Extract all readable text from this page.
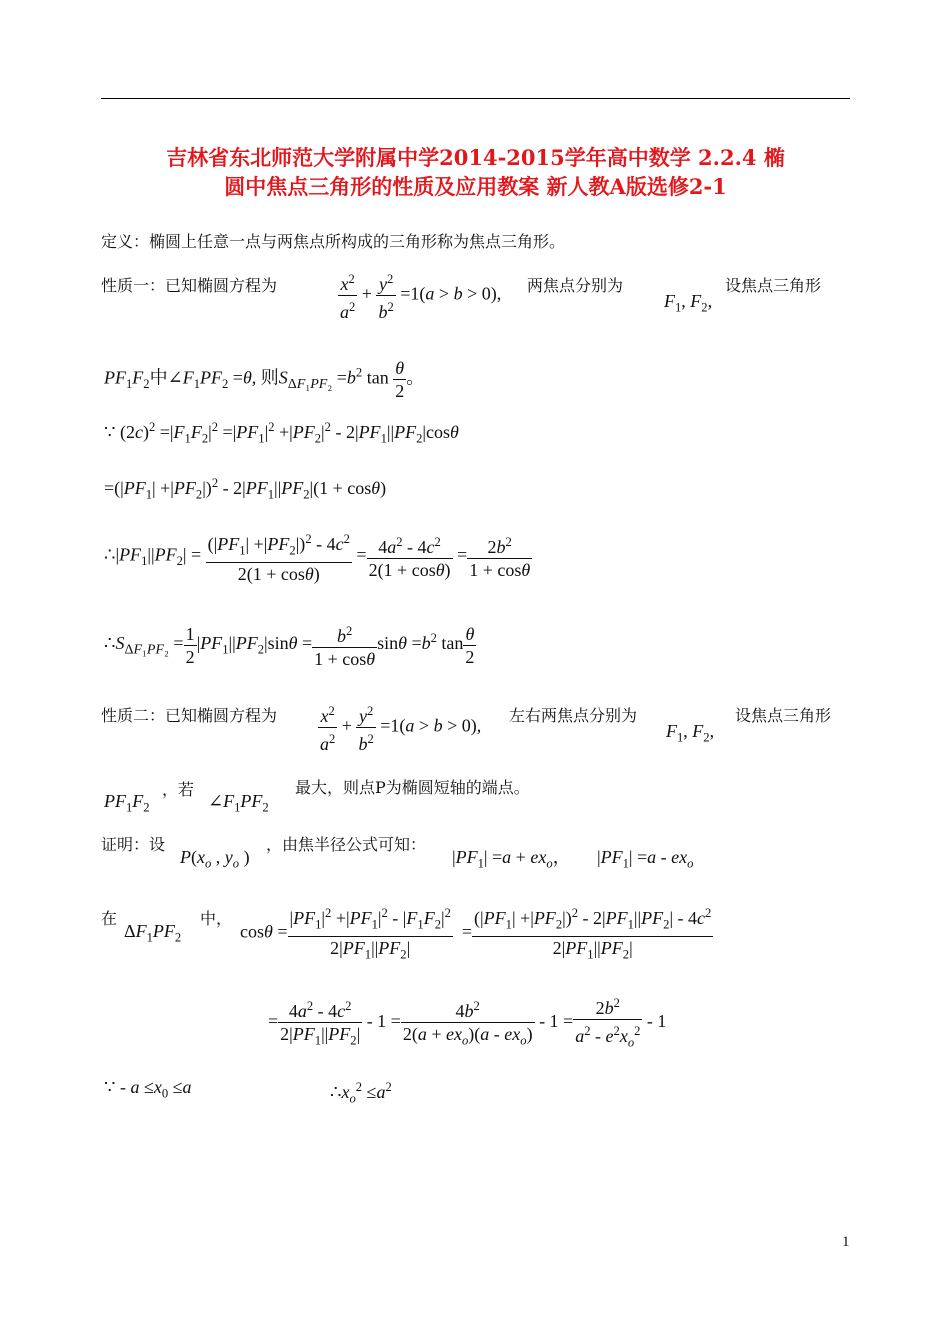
吉林省东北师范大学附属中学2014-2015学年高中数学 2.2.4 椭
圆中焦点三角形的性质及应用教案 新人教A版选修2-1
定义：椭圆上任意一点与两焦点所构成的三角形称为焦点三角形。
性质一：已知椭圆方程为	$\frac{x^2}{a^2} + \frac{y^2}{b^2} =1(a > b > 0)$, 两焦点分别为
$F_1$, $F_2$,
设焦点三角形
$PF_1F_2$中$\angle F_1PF_2 =\theta$, 则$S_{\Delta F_1PF_2} =b^2$ $\tan \frac{\theta}{2}$ 。
∵ $(2c)^2 =|F_1F_2|^2 =|PF_1|^2 +|PF_2|^2 - 2|PF_1||PF_2|\cos\theta$
$=(|PF_1| +|PF_2|)^2 - 2|PF_1||PF_2|(1 + \cos\theta)$
$\therefore|PF_1||PF_2| = \frac{(|PF_1| +|PF_2|)^2 - 4c^2}{2(1 + \cos\theta)} = \frac{4a^2 - 4c^2}{2(1 + \cos\theta)} = \frac{2b^2}{1 + \cos\theta}$
$\therefore S_{\Delta F_1PF_2} = \frac{1}{2} |PF_1||PF_2|\sin\theta = \frac{b^2}{1 + \cos\theta}$ $\sin\theta =b^2$ $\tan \frac{\theta}{2}$
性质二：已知椭圆方程为 $\frac{x^2}{a^2} + \frac{y^2}{b^2} =1(a > b > 0)$,
左右两焦点分别为
$F_1$, $F_2$,
设焦点三角形
$PF_1F_2$
，若
$\angle F_1PF_2$
最大，则点P为椭圆短轴的端点。
证明：设
$P(x_o$ , $y_o$ )
，由焦半径公式可知：
$|PF_1| =a + ex_o$， $|PF_1| =a - ex_o$
在
$\Delta F_1PF_2$
中，
$\cos\theta = \frac{|PF_1|^2 +|PF_1|^2 - |F_1F_2|^2}{2|PF_1||PF_2|} = \frac{(|PF_1| +|PF_2|)^2 - 2|PF_1||PF_2| - 4c^2}{2|PF_1||PF_2|}$
= $\frac{4a^2 - 4c^2}{2|PF_1||PF_2|} - 1 = \frac{4b^2}{2(a + ex_o)(a - ex_o)} - 1 = \frac{2b^2}{a^2 - e^2x_o^2} - 1$
∵ - $a \le x_0 \le a$	$\therefore x_o^2 \le a^2$
1
